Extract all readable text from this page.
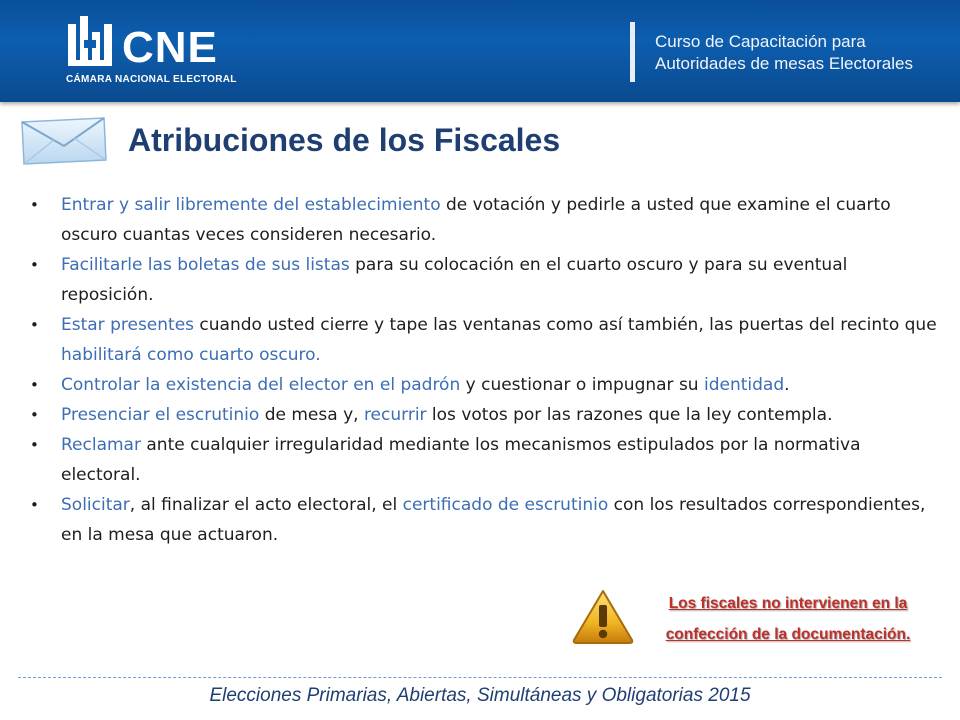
CNE
CÁMARA NACIONAL ELECTORAL
Curso de Capacitación para
Autoridades de mesas Electorales
Atribuciones de los Fiscales
• Entrar y salir libremente del establecimiento de votación y pedirle a usted que examine el cuarto oscuro cuantas veces consideren necesario.
• Facilitarle las boletas de sus listas para su colocación en el cuarto oscuro y para su eventual reposición.
• Estar presentes cuando usted cierre y tape las ventanas como así también, las puertas del recinto que habilitará como cuarto oscuro.
• Controlar la existencia del elector en el padrón y cuestionar o impugnar su identidad.
• Presenciar el escrutinio de mesa y, recurrir los votos por las razones que la ley contempla.
• Reclamar ante cualquier irregularidad mediante los mecanismos estipulados por la normativa electoral.
• Solicitar, al finalizar el acto electoral, el certificado de escrutinio con los resultados correspondientes, en la mesa que actuaron.
Los fiscales no intervienen en la
confección de la documentación.
Elecciones Primarias, Abiertas, Simultáneas y Obligatorias 2015
